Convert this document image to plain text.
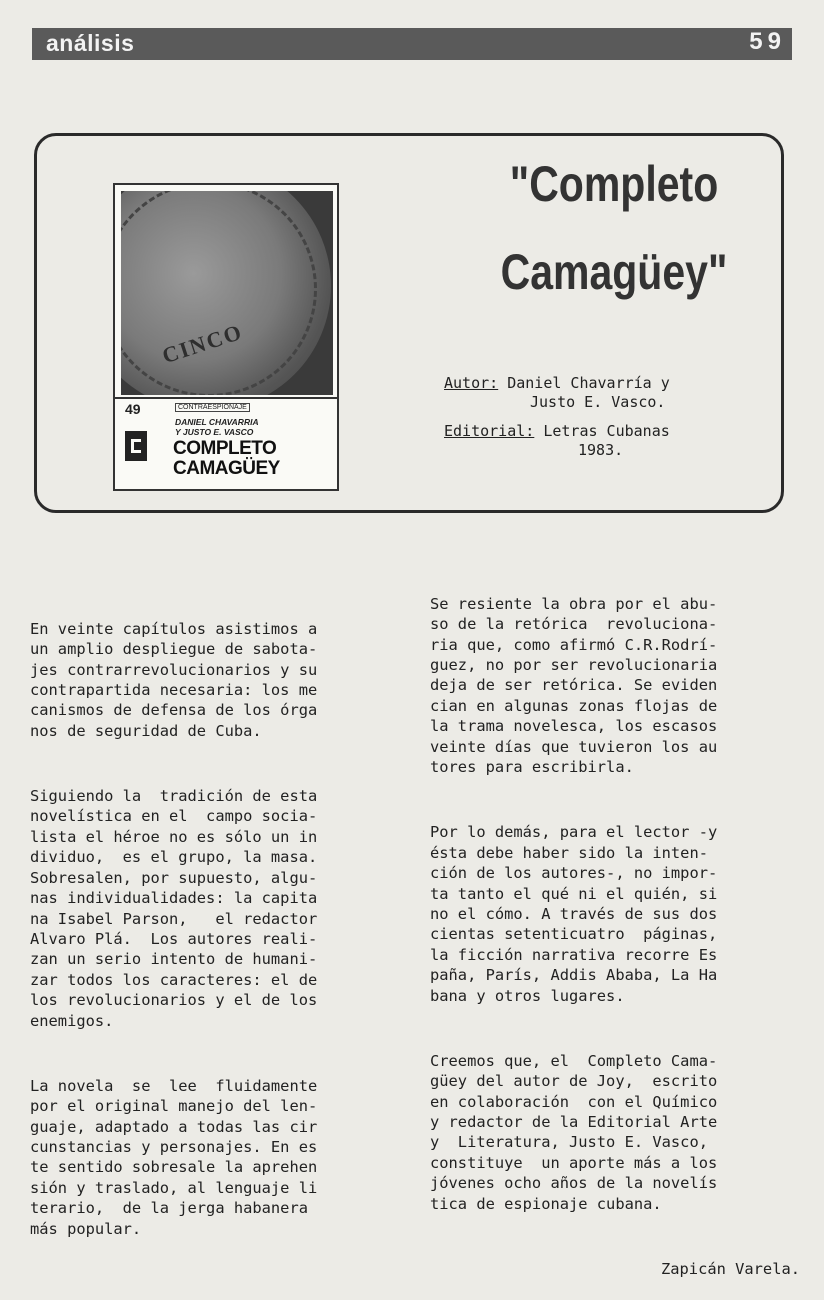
análisis	59
CINCO
49	CONTRAESPIONAJE
DANIEL CHAVARRIA
Y JUSTO E. VASCO
COMPLETO
CAMAGÜEY
"Completo
Camagüey"
Autor: Daniel Chavarría y
Justo E. Vasco.
Editorial: Letras Cubanas
1983.

En veinte capítulos asistimos a
un amplio despliegue de sabota-
jes contrarrevolucionarios y su
contrapartida necesaria: los me
canismos de defensa de los órga
nos de seguridad de Cuba.

Siguiendo la  tradición de esta
novelística en el  campo socia-
lista el héroe no es sólo un in
dividuo,  es el grupo, la masa.
Sobresalen, por supuesto, algu-
nas individualidades: la capita
na Isabel Parson,   el redactor
Alvaro Plá.  Los autores reali-
zan un serio intento de humani-
zar todos los caracteres: el de
los revolucionarios y el de los
enemigos.

La novela  se  lee  fluidamente
por el original manejo del len-
guaje, adaptado a todas las cir
cunstancias y personajes. En es
te sentido sobresale la aprehen
sión y traslado, al lenguaje li
terario,  de la jerga habanera
más popular.

Se resiente la obra por el abu-
so de la retórica  revoluciona-
ria que, como afirmó C.R.Rodrí-
guez, no por ser revolucionaria
deja de ser retórica. Se eviden
cian en algunas zonas flojas de
la trama novelesca, los escasos
veinte días que tuvieron los au
tores para escribirla.

Por lo demás, para el lector -y
ésta debe haber sido la inten-
ción de los autores-, no impor-
ta tanto el qué ni el quién, si
no el cómo. A través de sus dos
cientas setenticuatro  páginas,
la ficción narrativa recorre Es
paña, París, Addis Ababa, La Ha
bana y otros lugares.

Creemos que, el  Completo Cama-
güey del autor de Joy,  escrito
en colaboración  con el Químico
y redactor de la Editorial Arte
y  Literatura, Justo E. Vasco,
constituye  un aporte más a los
jóvenes ocho años de la novelís
tica de espionaje cubana.

Zapicán Varela.
